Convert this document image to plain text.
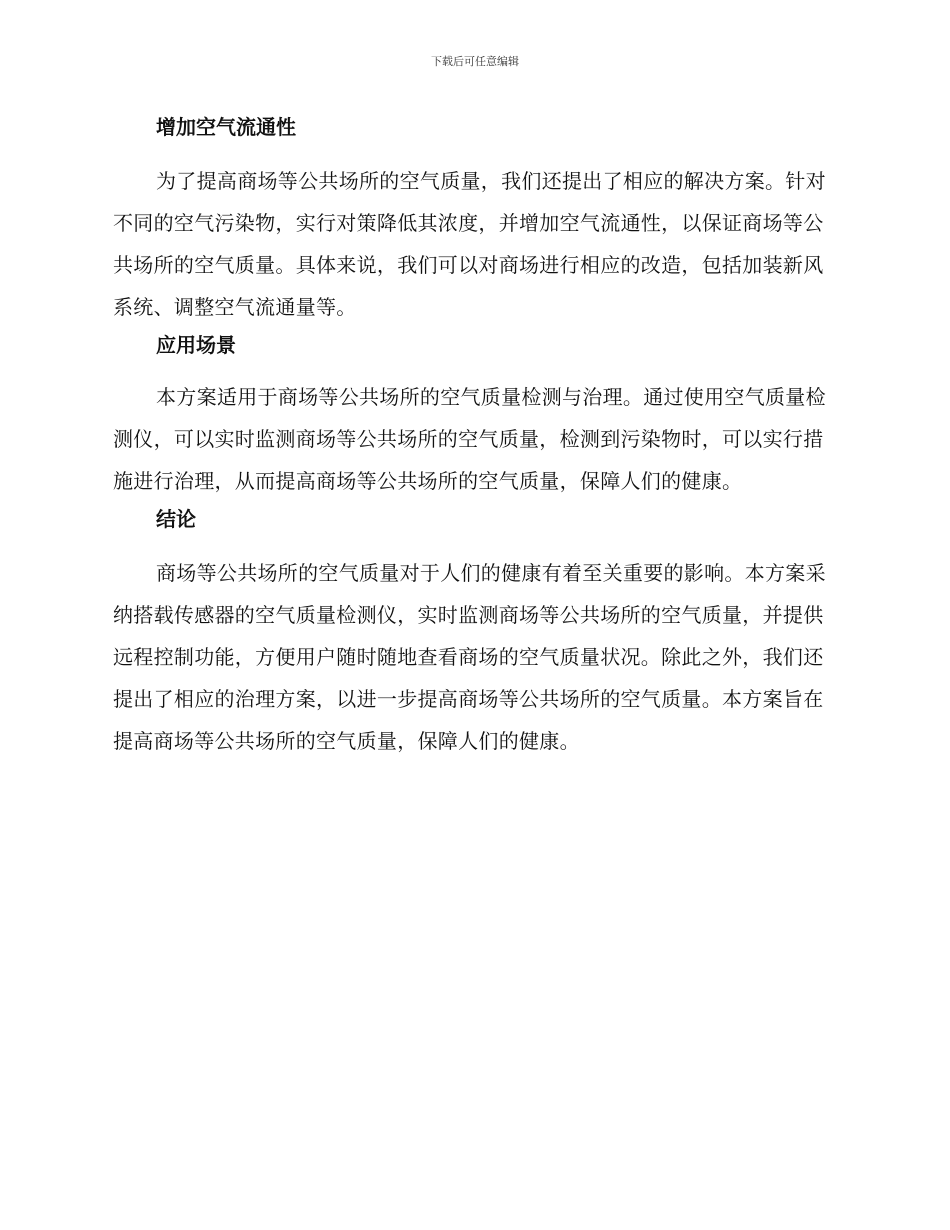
下载后可任意编辑
增加空气流通性

为了提高商场等公共场所的空气质量，我们还提出了相应的解决方案。针对不同的空气污染物，实行对策降低其浓度，并增加空气流通性，以保证商场等公共场所的空气质量。具体来说，我们可以对商场进行相应的改造，包括加装新风系统、调整空气流通量等。

应用场景

本方案适用于商场等公共场所的空气质量检测与治理。通过使用空气质量检测仪，可以实时监测商场等公共场所的空气质量，检测到污染物时，可以实行措施进行治理，从而提高商场等公共场所的空气质量，保障人们的健康。

结论

商场等公共场所的空气质量对于人们的健康有着至关重要的影响。本方案采纳搭载传感器的空气质量检测仪，实时监测商场等公共场所的空气质量，并提供远程控制功能，方便用户随时随地查看商场的空气质量状况。除此之外，我们还提出了相应的治理方案，以进一步提高商场等公共场所的空气质量。本方案旨在提高商场等公共场所的空气质量，保障人们的健康。
